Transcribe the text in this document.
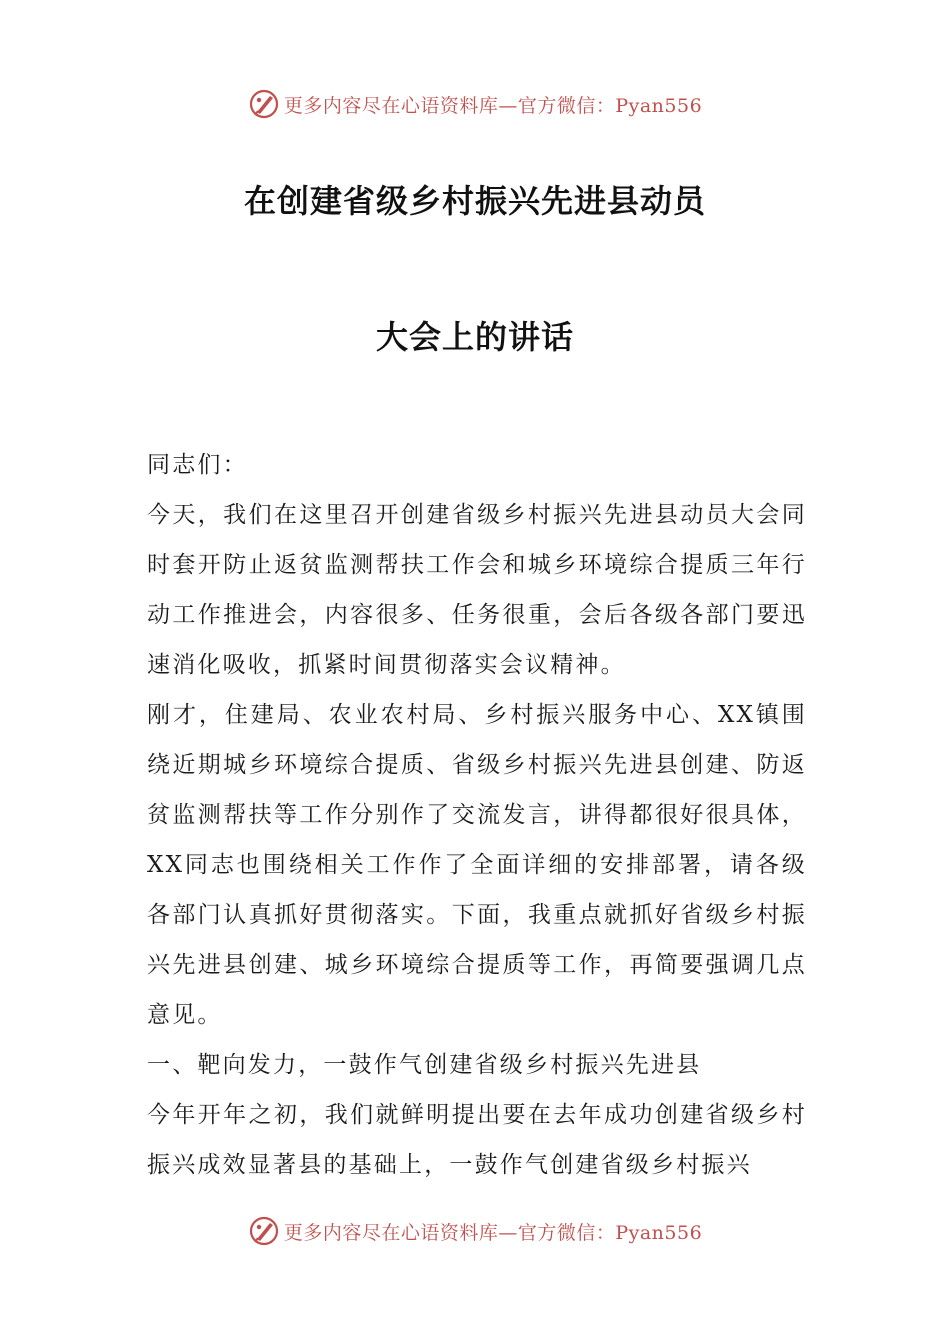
更多内容尽在心语资料库—官方微信：Pyan556
在创建省级乡村振兴先进县动员
大会上的讲话

同志们：

今天，我们在这里召开创建省级乡村振兴先进县动员大会同时套开防止返贫监测帮扶工作会和城乡环境综合提质三年行动工作推进会，内容很多、任务很重，会后各级各部门要迅速消化吸收，抓紧时间贯彻落实会议精神。

刚才，住建局、农业农村局、乡村振兴服务中心、XX镇围绕近期城乡环境综合提质、省级乡村振兴先进县创建、防返贫监测帮扶等工作分别作了交流发言，讲得都很好很具体，XX同志也围绕相关工作作了全面详细的安排部署，请各级各部门认真抓好贯彻落实。下面，我重点就抓好省级乡村振兴先进县创建、城乡环境综合提质等工作，再简要强调几点意见。

一、靶向发力，一鼓作气创建省级乡村振兴先进县

今年开年之初，我们就鲜明提出要在去年成功创建省级乡村振兴成效显著县的基础上，一鼓作气创建省级乡村振兴

更多内容尽在心语资料库—官方微信：Pyan556
